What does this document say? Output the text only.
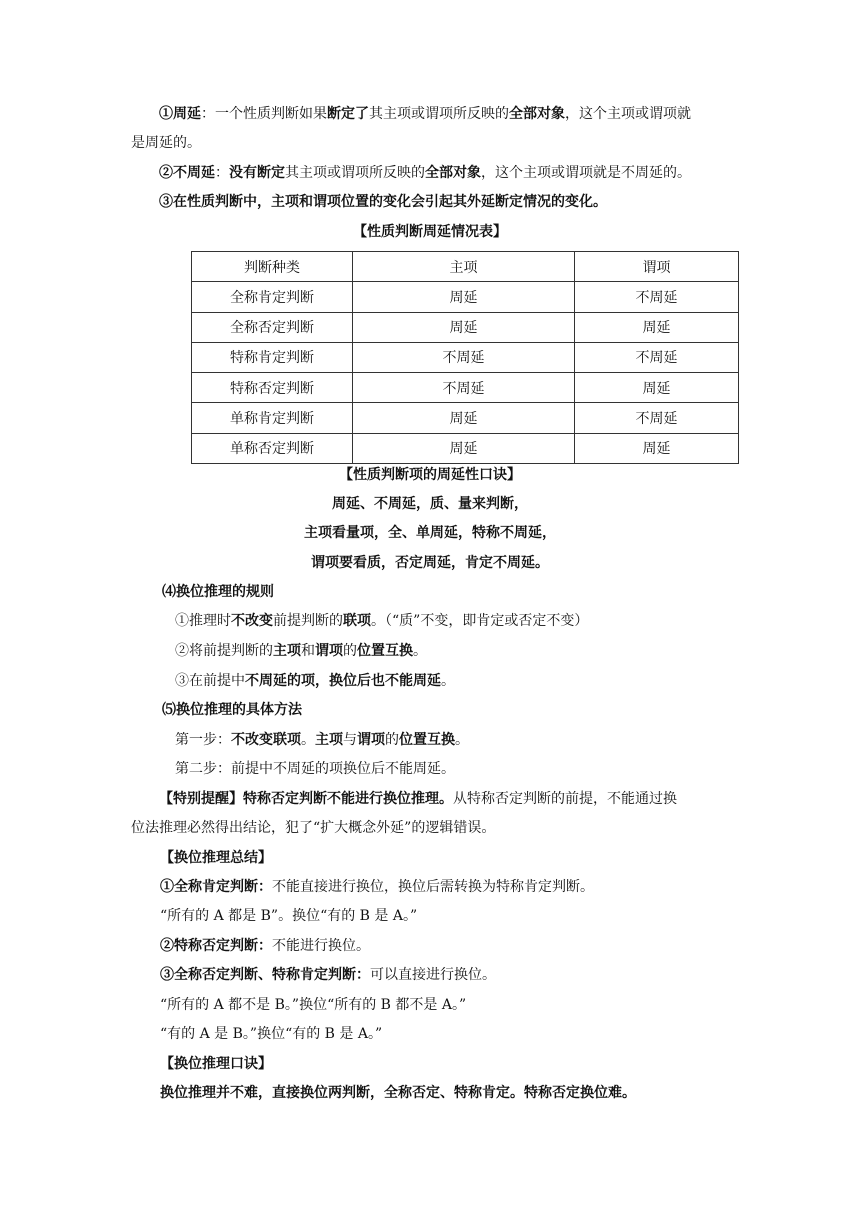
①周延：一个性质判断如果断定了其主项或谓项所反映的全部对象，这个主项或谓项就
是周延的。
②不周延：没有断定其主项或谓项所反映的全部对象，这个主项或谓项就是不周延的。
③在性质判断中，主项和谓项位置的变化会引起其外延断定情况的变化。
【性质判断周延情况表】
判断种类	主项	谓项
全称肯定判断	周延	不周延
全称否定判断	周延	周延
特称肯定判断	不周延	不周延
特称否定判断	不周延	周延
单称肯定判断	周延	不周延
单称否定判断	周延	周延
【性质判断项的周延性口诀】
周延、不周延，质、量来判断，
主项看量项，全、单周延，特称不周延，
谓项要看质，否定周延，肯定不周延。
⑷换位推理的规则
①推理时不改变前提判断的联项。（“质”不变，即肯定或否定不变）
②将前提判断的主项和谓项的位置互换。
③在前提中不周延的项，换位后也不能周延。
⑸换位推理的具体方法
第一步：不改变联项。主项与谓项的位置互换。
第二步：前提中不周延的项换位后不能周延。
【特别提醒】特称否定判断不能进行换位推理。从特称否定判断的前提，不能通过换
位法推理必然得出结论，犯了“扩大概念外延”的逻辑错误。
【换位推理总结】
①全称肯定判断：不能直接进行换位，换位后需转换为特称肯定判断。
“所有的 A 都是 B”。换位“有的 B 是 A。”
②特称否定判断：不能进行换位。
③全称否定判断、特称肯定判断：可以直接进行换位。
“所有的 A 都不是 B。”换位“所有的 B 都不是 A。”
“有的 A 是 B。”换位“有的 B 是 A。”
【换位推理口诀】
换位推理并不难，直接换位两判断，全称否定、特称肯定。特称否定换位难。
